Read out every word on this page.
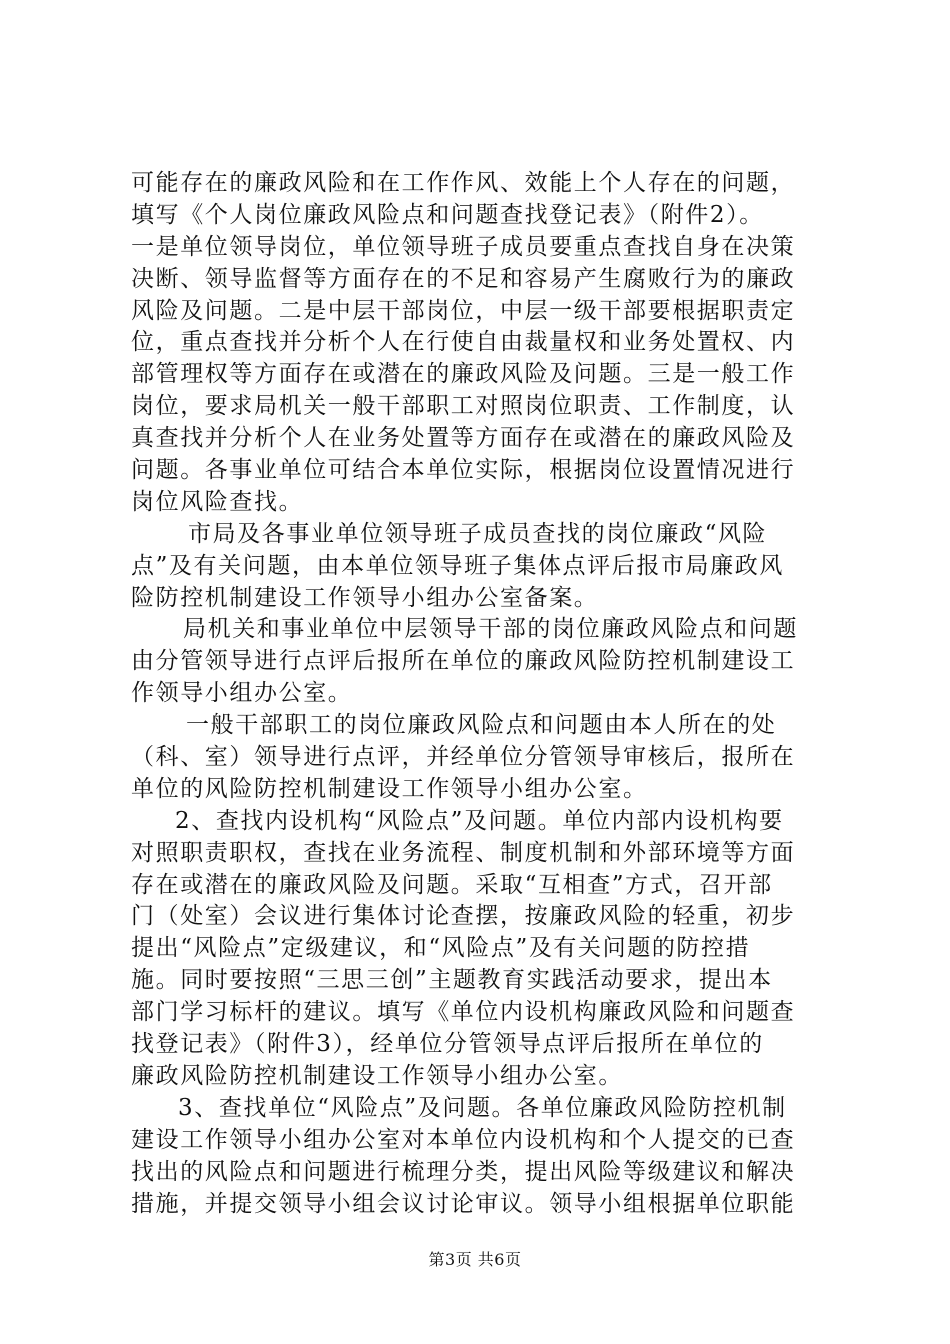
可能存在的廉政风险和在工作作风、效能上个人存在的问题，
填写《个人岗位廉政风险点和问题查找登记表》（附件2）。
一是单位领导岗位，单位领导班子成员要重点查找自身在决策
决断、领导监督等方面存在的不足和容易产生腐败行为的廉政
风险及问题。二是中层干部岗位，中层一级干部要根据职责定
位，重点查找并分析个人在行使自由裁量权和业务处置权、内
部管理权等方面存在或潜在的廉政风险及问题。三是一般工作
岗位，要求局机关一般干部职工对照岗位职责、工作制度，认
真查找并分析个人在业务处置等方面存在或潜在的廉政风险及
问题。各事业单位可结合本单位实际，根据岗位设置情况进行
岗位风险查找。
市局及各事业单位领导班子成员查找的岗位廉政“风险
点”及有关问题，由本单位领导班子集体点评后报市局廉政风
险防控机制建设工作领导小组办公室备案。
局机关和事业单位中层领导干部的岗位廉政风险点和问题
由分管领导进行点评后报所在单位的廉政风险防控机制建设工
作领导小组办公室。
一般干部职工的岗位廉政风险点和问题由本人所在的处
（科、室）领导进行点评，并经单位分管领导审核后，报所在
单位的风险防控机制建设工作领导小组办公室。
2、查找内设机构“风险点”及问题。单位内部内设机构要
对照职责职权，查找在业务流程、制度机制和外部环境等方面
存在或潜在的廉政风险及问题。采取“互相查”方式，召开部
门（处室）会议进行集体讨论查摆，按廉政风险的轻重，初步
提出“风险点”定级建议，和“风险点”及有关问题的防控措
施。同时要按照“三思三创”主题教育实践活动要求，提出本
部门学习标杆的建议。填写《单位内设机构廉政风险和问题查
找登记表》（附件3），经单位分管领导点评后报所在单位的
廉政风险防控机制建设工作领导小组办公室。
3、查找单位“风险点”及问题。各单位廉政风险防控机制
建设工作领导小组办公室对本单位内设机构和个人提交的已查
找出的风险点和问题进行梳理分类，提出风险等级建议和解决
措施，并提交领导小组会议讨论审议。领导小组根据单位职能
第3页 共6页
